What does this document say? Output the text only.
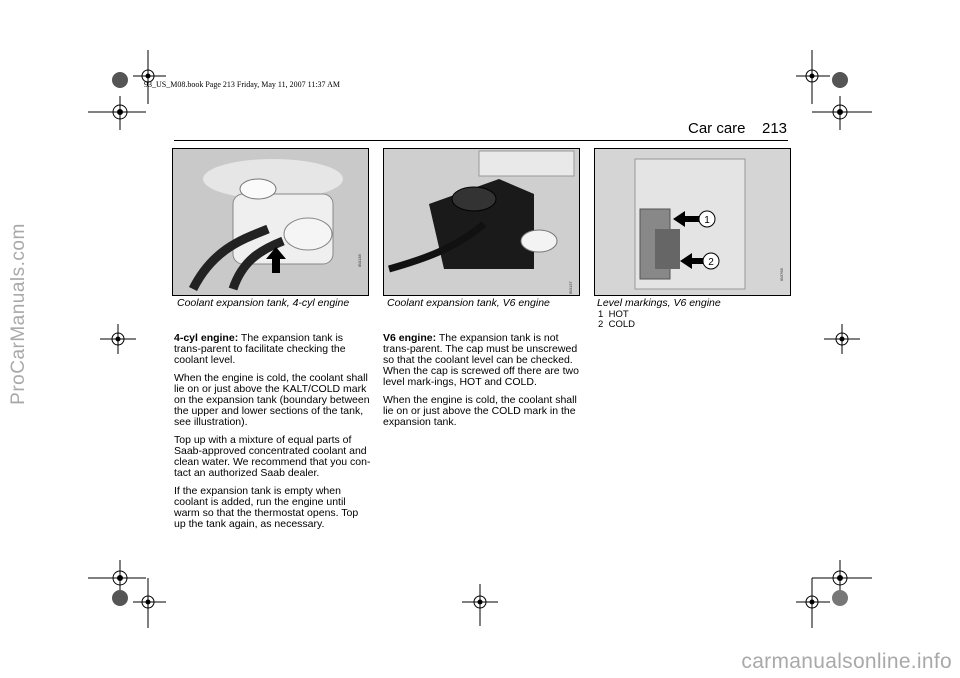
ProCarManuals.com
carmanualsonline.info
93_US_M08.book Page 213 Friday, May 11, 2007 11:37 AM
Car care 213
IB3138
IB3137
1
2
IB3768
Coolant expansion tank, 4-cyl engine	Coolant expansion tank, V6 engine	Level markings, V6 engine
1 HOT
2 COLD

4-cyl engine: The expansion tank is trans-parent to facilitate checking the coolant level.

When the engine is cold, the coolant shall lie on or just above the KALT/COLD mark on the expansion tank (boundary between the upper and lower sections of the tank, see illustration).

Top up with a mixture of equal parts of Saab-approved concentrated coolant and clean water. We recommend that you con-tact an authorized Saab dealer.

If the expansion tank is empty when coolant is added, run the engine until warm so that the thermostat opens. Top up the tank again, as necessary.

V6 engine: The expansion tank is not trans-parent. The cap must be unscrewed so that the coolant level can be checked. When the cap is screwed off there are two level mark-ings, HOT and COLD.

When the engine is cold, the coolant shall lie on or just above the COLD mark in the expansion tank.
